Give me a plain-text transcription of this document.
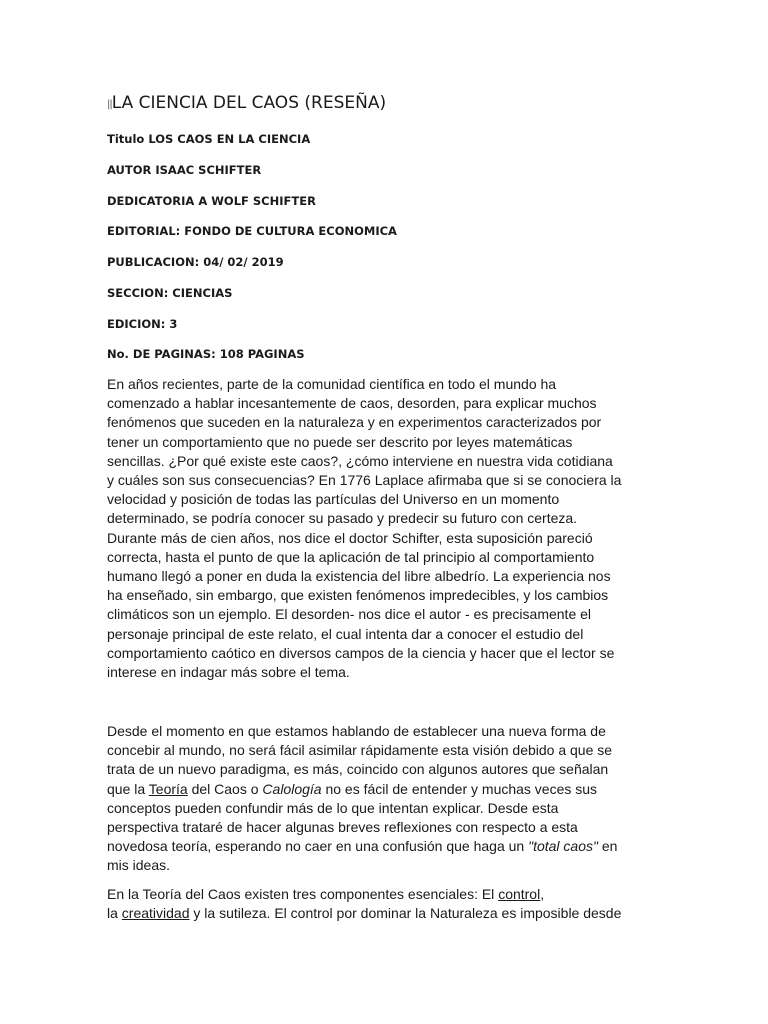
||LA CIENCIA DEL CAOS (RESEÑA)
Titulo LOS CAOS EN LA CIENCIA
AUTOR ISAAC SCHIFTER
DEDICATORIA A WOLF SCHIFTER
EDITORIAL: FONDO DE CULTURA ECONOMICA
PUBLICACION: 04/ 02/ 2019
SECCION: CIENCIAS
EDICION: 3
No. DE PAGINAS: 108 PAGINAS
En años recientes, parte de la comunidad científica en todo el mundo ha
comenzado a hablar incesantemente de caos, desorden, para explicar muchos
fenómenos que suceden en la naturaleza y en experimentos caracterizados por
tener un comportamiento que no puede ser descrito por leyes matemáticas
sencillas. ¿Por qué existe este caos?, ¿cómo interviene en nuestra vida cotidiana
y cuáles son sus consecuencias? En 1776 Laplace afirmaba que si se conociera la
velocidad y posición de todas las partículas del Universo en un momento
determinado, se podría conocer su pasado y predecir su futuro con certeza.
Durante más de cien años, nos dice el doctor Schifter, esta suposición pareció
correcta, hasta el punto de que la aplicación de tal principio al comportamiento
humano llegó a poner en duda la existencia del libre albedrío. La experiencia nos
ha enseñado, sin embargo, que existen fenómenos impredecibles, y los cambios
climáticos son un ejemplo. El desorden- nos dice el autor - es precisamente el
personaje principal de este relato, el cual intenta dar a conocer el estudio del
comportamiento caótico en diversos campos de la ciencia y hacer que el lector se
interese en indagar más sobre el tema.
Desde el momento en que estamos hablando de establecer una nueva forma de
concebir al mundo, no será fácil asimilar rápidamente esta visión debido a que se
trata de un nuevo paradigma, es más, coincido con algunos autores que señalan
que la Teoría del Caos o Calología no es fácil de entender y muchas veces sus
conceptos pueden confundir más de lo que intentan explicar. Desde esta
perspectiva trataré de hacer algunas breves reflexiones con respecto a esta
novedosa teoría, esperando no caer en una confusión que haga un "total caos" en
mis ideas.
En la Teoría del Caos existen tres componentes esenciales: El control,
la creatividad y la sutileza. El control por dominar la Naturaleza es imposible desde
